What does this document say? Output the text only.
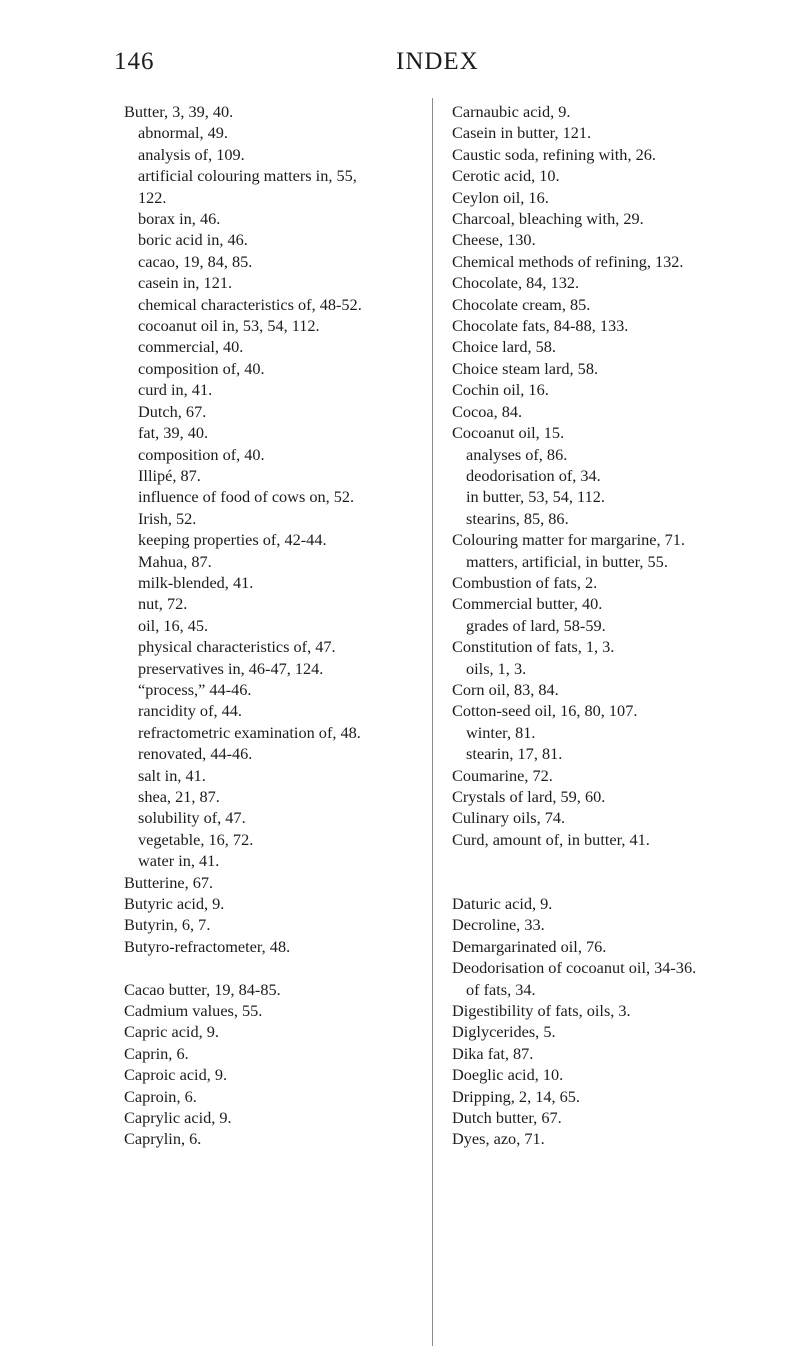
146	INDEX
Butter, 3, 39, 40.
abnormal, 49.
analysis of, 109.
artificial colouring matters in, 55,
122.
borax in, 46.
boric acid in, 46.
cacao, 19, 84, 85.
casein in, 121.
chemical characteristics of, 48-52.
cocoanut oil in, 53, 54, 112.
commercial, 40.
composition of, 40.
curd in, 41.
Dutch, 67.
fat, 39, 40.
composition of, 40.
Illipé, 87.
influence of food of cows on, 52.
Irish, 52.
keeping properties of, 42-44.
Mahua, 87.
milk-blended, 41.
nut, 72.
oil, 16, 45.
physical characteristics of, 47.
preservatives in, 46-47, 124.
“process,” 44-46.
rancidity of, 44.
refractometric examination of, 48.
renovated, 44-46.
salt in, 41.
shea, 21, 87.
solubility of, 47.
vegetable, 16, 72.
water in, 41.
Butterine, 67.
Butyric acid, 9.
Butyrin, 6, 7.
Butyro-refractometer, 48.
Cacao butter, 19, 84-85.
Cadmium values, 55.
Capric acid, 9.
Caprin, 6.
Caproic acid, 9.
Caproin, 6.
Caprylic acid, 9.
Caprylin, 6.
Carnaubic acid, 9.
Casein in butter, 121.
Caustic soda, refining with, 26.
Cerotic acid, 10.
Ceylon oil, 16.
Charcoal, bleaching with, 29.
Cheese, 130.
Chemical methods of refining, 132.
Chocolate, 84, 132.
Chocolate cream, 85.
Chocolate fats, 84-88, 133.
Choice lard, 58.
Choice steam lard, 58.
Cochin oil, 16.
Cocoa, 84.
Cocoanut oil, 15.
analyses of, 86.
deodorisation of, 34.
in butter, 53, 54, 112.
stearins, 85, 86.
Colouring matter for margarine, 71.
matters, artificial, in butter, 55.
Combustion of fats, 2.
Commercial butter, 40.
grades of lard, 58-59.
Constitution of fats, 1, 3.
oils, 1, 3.
Corn oil, 83, 84.
Cotton-seed oil, 16, 80, 107.
winter, 81.
stearin, 17, 81.
Coumarine, 72.
Crystals of lard, 59, 60.
Culinary oils, 74.
Curd, amount of, in butter, 41.
Daturic acid, 9.
Decroline, 33.
Demargarinated oil, 76.
Deodorisation of cocoanut oil, 34-36.
of fats, 34.
Digestibility of fats, oils, 3.
Diglycerides, 5.
Dika fat, 87.
Doeglic acid, 10.
Dripping, 2, 14, 65.
Dutch butter, 67.
Dyes, azo, 71.
